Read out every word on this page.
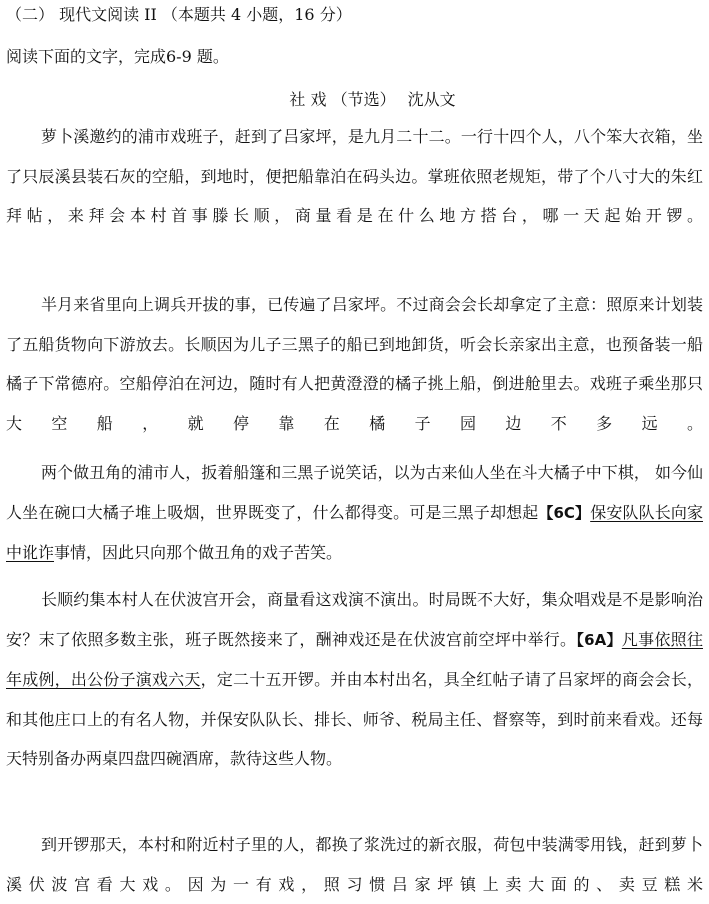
（二） 现代文阅读 II （本题共 4 小题，16 分）
阅读下面的文字，完成6-9 题。
社 戏 （节选） 沈从文

萝卜溪邀约的浦市戏班子，赶到了吕家坪，是九月二十二。一行十四个人，八个笨大衣箱，坐了只辰溪县装石灰的空船，到地时，便把船靠泊在码头边。掌班依照老规矩，带了个八寸大的朱红拜帖，来拜会本村首事滕长顺，商量看是在什么地方搭台，哪一天起始开锣。

半月来省里向上调兵开拔的事，已传遍了吕家坪。不过商会会长却拿定了主意：照原来计划装了五船货物向下游放去。长顺因为儿子三黑子的船已到地卸货，听会长亲家出主意，也预备装一船橘子下常德府。空船停泊在河边，随时有人把黄澄澄的橘子挑上船，倒进舱里去。戏班子乘坐那只大空船，就停靠在橘子园边不多远。

两个做丑角的浦市人，扳着船篷和三黑子说笑话，以为古来仙人坐在斗大橘子中下棋， 如今仙人坐在碗口大橘子堆上吸烟，世界既变了，什么都得变。可是三黑子却想起【6C】保安队队长向家中讹诈事情，因此只向那个做丑角的戏子苦笑。

长顺约集本村人在伏波宫开会，商量看这戏演不演出。时局既不大好，集众唱戏是不是影响治安？末了依照多数主张，班子既然接来了，酬神戏还是在伏波宫前空坪中举行。【6A】凡事依照往年成例，出公份子演戏六天，定二十五开锣。并由本村出名，具全红帖子请了吕家坪的商会会长，和其他庄口上的有名人物，并保安队队长、排长、师爷、税局主任、督察等，到时前来看戏。还每天特别备办两桌四盘四碗酒席，款待这些人物。

到开锣那天，本村和附近村子里的人，都换了浆洗过的新衣服，荷包中装满零用钱，赶到萝卜溪伏波宫看大戏。因为一有戏，照习惯吕家坪镇上卖大面的、卖豆糕米
